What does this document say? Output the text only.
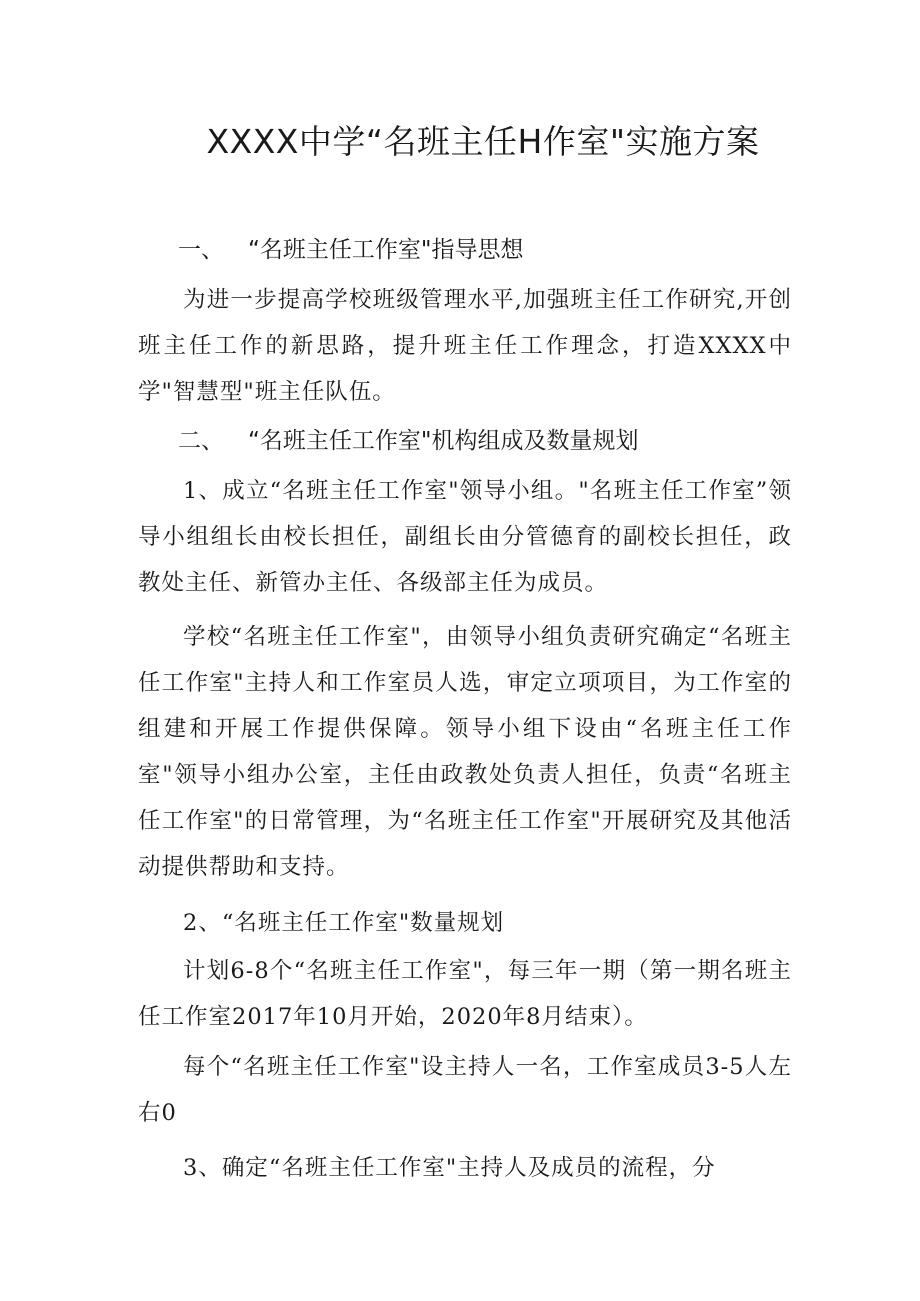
XXXX中学“名班主任H作室"实施方案
一、 “名班主任工作室"指导思想

为进一步提高学校班级管理水平,加强班主任工作研究,开创班主任工作的新思路，提升班主任工作理念，打造XXXX中学"智慧型"班主任队伍。

二、 “名班主任工作室"机构组成及数量规划

1、成立“名班主任工作室"领导小组。"名班主任工作室”领导小组组长由校长担任，副组长由分管德育的副校长担任，政教处主任、新管办主任、各级部主任为成员。

学校“名班主任工作室"，由领导小组负责研究确定“名班主任工作室"主持人和工作室员人选，审定立项项目，为工作室的组建和开展工作提供保障。领导小组下设由“名班主任工作室"领导小组办公室，主任由政教处负责人担任，负责“名班主任工作室"的日常管理，为“名班主任工作室"开展研究及其他活动提供帮助和支持。

2、“名班主任工作室"数量规划

计划6-8个“名班主任工作室"，每三年一期（第一期名班主任工作室2017年10月开始，2020年8月结束）。

每个“名班主任工作室"设主持人一名，工作室成员3-5人左右0

3、确定“名班主任工作室"主持人及成员的流程，分
